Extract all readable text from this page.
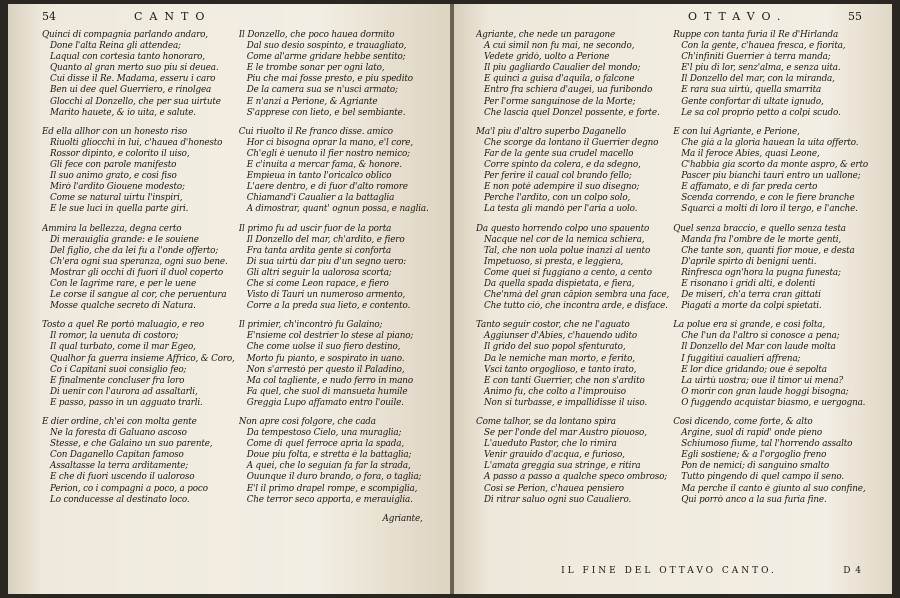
54	CANTO
Quinci di compagnia parlando andaro,
Done l'alta Reina gli attendea;
Laqual con cortesia tanto honoraro,
Quanto al gran merto suo piu si deuea.
Cui disse il Re. Madama, esseru i caro
Ben ui dee quel Guerriero, e rinolgea
Glocchi al Donzello, che per sua uirtute
Marito hauete, & io uita, e salute.
Ed ella allhor con un honesto riso
Riuolti gliocchi in lui, c'hauea d'honesto
Rossor dipinto, e colorito il uiso,
Gli fece con parole manifesto
Il suo animo grato, e cosi fiso
Mirò l'ardito Giouene modesto;
Come se natural uirtu l'inspiri,
E le sue luci in quella parte giri.
Ammira la bellezza, degna certo
Di merauiglia grande: e le souiene
Del figlio, che da lei fu a l'onde offerto;
Ch'era ogni sua speranza, ogni suo bene.
Mostrar gli occhi di fuori il duol coperto
Con le lagrime rare, e per le uene
Le corse il sangue al cor, che peruentura
Mosse qualche secreto di Natura.
Tosto a quel Re portò maluagio, e reo
Il romor, la uenuta di costoro;
Il qual turbato, come il mar Egeo,
Qualhor fa guerra insieme Affrico, & Coro,
Co i Capitani suoi consiglio feo;
E finalmente concluser fra loro
Di uenir con l'aurora ad assaltarli,
E passo, passo in un agguato trarli.
E dier ordine, ch'ei con molta gente
Ne la foresta di Galuano ascoso
Stesse, e che Galaino un suo parente,
Con Daganello Capitan famoso
Assaltasse la terra arditamente;
E che di fuori uscendo il ualoroso
Perion, co i compagni a poco, a poco
Lo conducesse al destinato loco.
Il Donzello, che poco hauea dormito
Dal suo desio sospinto, e trauagliato,
Come al'arme gridare hebbe sentito;
E le trombe sonar per ogni lato,
Piu che mai fosse presto, e piu spedito
De la camera sua se n'uscì armato;
E n'anzi a Perione, & Agriante
S'apprese con lieto, e bel sembiante.
Cui riuolto il Re franco disse. amico
Hor ci bisogna oprar la mano, e'l core,
Ch'egli è uenuto il fier nostro nemico;
E c'inuita a mercar fama, & honore.
Empieua in tanto l'oricalco oblico
L'aere dentro, e di fuor d'alto romore
Chiamand'i Caualier a la battaglia
A dimostrar, quant' ognun possa, e naglia.
Il primo fu ad uscir fuor de la porta
Il Donzello del mar, ch'ardito, e fiero
Fra tanta ardita gente si conforta
Di sua uirtù dar piu d'un segno uero:
Gli altri seguir la ualorosa scorta;
Che si come Leon rapace, e fiero
Visto di Tauri un numeroso armento,
Corre a la preda sua lieto, e contento.
Il primier, ch'incontrò fu Galaino;
E'nsieme col destrier lo stese al piano;
Che come uolse il suo fiero destino,
Morto fu pianto, e sospirato in uano.
Non s'arrestò per questo il Paladino,
Ma col tagliente, e nudo ferro in mano
Fa quel, che suol di mansueta humile
Greggia Lupo affamato entro l'ouile.
Non apre così folgore, che cada
Da tempestoso Cielo, una muraglia;
Come di quel ferroce aprìa la spada,
Doue piu folta, e stretta è la battaglia;
A quei, che lo seguian fa far la strada,
Ouunque il duro brando, o fora, o taglia;
E'l il primo drapel rompe, e scompiglia,
Che terror seco apporta, e merauiglia.
Agriante,
OTTAVO.	55
IL FINE DEL OTTAVO CANTO.	D 4
Agriante, che nede un paragone
A cui simil non fu mai, ne secondo,
Vedete gridò, uolto a Perione
Il piu gagliardo Caualier del mondo;
E quinci a guisa d'aquila, o falcone
Entro fra schiera d'augei, ua furibondo
Per l'orme sanguinose de la Morte;
Che lascia quel Donzel possente, e forte.
Ma'l piu d'altro superbo Daganello
Che scorge da lontano il Guerrier degno
Far de la gente sua crudel macello
Corre spinto da colera, e da sdegno,
Per ferire il caual col brando fello;
E non potè adempire il suo disegno;
Perche l'ardito, con un colpo solo,
La testa gli mandò per l'aria a uolo.
Da questo horrendo colpo uno spauento
Nacque nel cor de la nemica schiera,
Tal, che non uola polue inanzi al uento
Impetuoso, sì presta, e leggiera,
Come quei si fuggiano a cento, a cento
Da quella spada dispietata, e fiera,
Che'nmà del gran cāpion sembra una face,
Che tutto ciò, che incontra arde, e disface.
Tanto seguir costor, che ne l'aguato
Aggiunser d'Abies, c'hauendo udito
Il grido del suo popol sfenturato,
Da le nemiche man morto, e ferito,
Vscì tanto orgoglioso, e tanto irato,
E con tanti Guerrier, che non s'ardito
Animo fu, che colto a l'improuiso
Non si turbasse, e impallidisse il uiso.
Come talhor, se da lontano spira
Se per l'onde del mar Austro piouoso,
L'aueduto Pastor, che lo rimira
Venir grauido d'acqua, e furioso,
L'amata greggia sua stringe, e ritira
A passo a passo a qualche speco ombroso;
Così se Perion, c'hauea pensiero
Di ritrar saluo ogni suo Caualiero.
Ruppe con tanta furia il Re d'Hirlanda
Con la gente, c'hauea fresca, e fiorita,
Ch'infiniti Guerrier à terra manda;
E'l piu di lor, senz'alma, e senza uita.
Il Donzello del mar, con la miranda,
E rara sua uirtù, quella smarrita
Gente confortar di ultate ignudo,
Le sa col proprio petto a colpi scudo.
E con lui Agriante, e Perione,
Che già a la gloria hauean la uita offerto.
Ma il feroce Abies, quasi Leone,
C'habbia gia scorto da monte aspro, & erto
Pascer piu bianchi tauri entro un uallone;
E affamato, e di far preda certo
Scenda correndo, e con le fiere branche
Squarci a molti di loro il tergo, e l'anche.
Quel senza braccio, e quello senza testa
Manda fra l'ombre de le morte genti,
Che tante son, quanti fior moue, e desta
D'aprile spirto di benigni uenti.
Rinfresca ogn'hora la pugna funesta;
E risonano i gridi alti, e dolenti
De miseri, ch'a terra cran gittati
Piagati a morte da colpi spietati.
La polue era si grande, e così folta,
Che l'un da l'altro si conosce a pena;
Il Donzello del Mar con laude molta
I fuggitiui caualieri affrena;
E lor dice gridando; oue è sepolta
La uirtù uostra; oue il timor ui mena?
O morir con gran laude hoggi bisogna;
O fuggendo acquistar biasmo, e uergogna.
Così dicendo, come forte, & alto
Argine, suol di rapid' onde pieno
Schiumoso fiume, tal l'horrendo assalto
Egli sostiene; & a l'orgoglio freno
Pon de nemici; di sanguino smalto
Tutto pingendo di quel campo il seno.
Ma perche il canto è giunto al suo confine,
Qui porrò anco a la sua furia fine.
